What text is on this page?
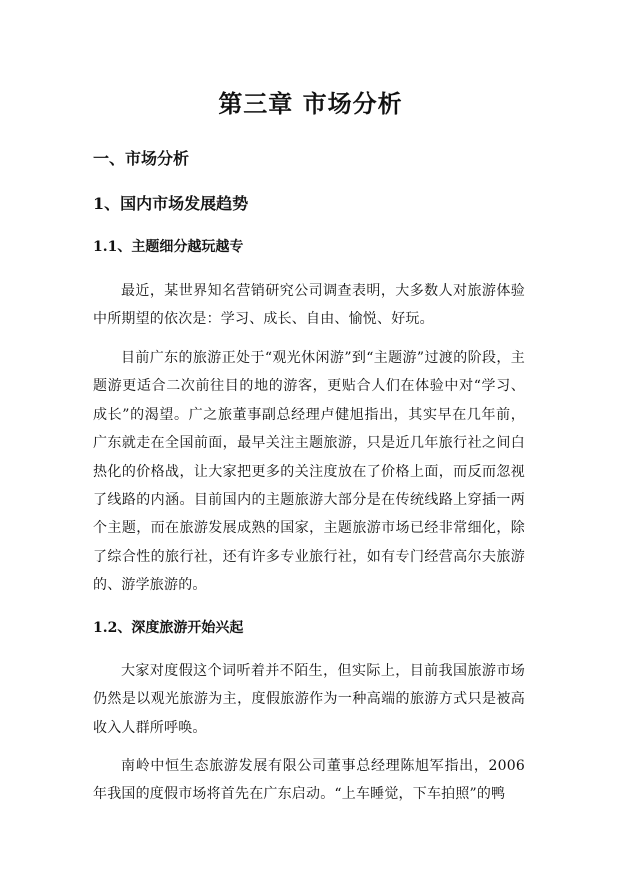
第三章 市场分析
一、市场分析
1、国内市场发展趋势
1.1、主题细分越玩越专

最近，某世界知名营销研究公司调查表明，大多数人对旅游体验中所期望的依次是：学习、成长、自由、愉悦、好玩。

目前广东的旅游正处于“观光休闲游”到“主题游”过渡的阶段，主题游更适合二次前往目的地的游客，更贴合人们在体验中对“学习、成长”的渴望。广之旅董事副总经理卢健旭指出，其实早在几年前，广东就走在全国前面，最早关注主题旅游，只是近几年旅行社之间白热化的价格战，让大家把更多的关注度放在了价格上面，而反而忽视了线路的内涵。目前国内的主题旅游大部分是在传统线路上穿插一两个主题，而在旅游发展成熟的国家，主题旅游市场已经非常细化，除了综合性的旅行社，还有许多专业旅行社，如有专门经营高尔夫旅游的、游学旅游的。

1.2、深度旅游开始兴起

大家对度假这个词听着并不陌生，但实际上，目前我国旅游市场仍然是以观光旅游为主，度假旅游作为一种高端的旅游方式只是被高收入人群所呼唤。

南岭中恒生态旅游发展有限公司董事总经理陈旭军指出，2006年我国的度假市场将首先在广东启动。“上车睡觉，下车拍照”的鸭
